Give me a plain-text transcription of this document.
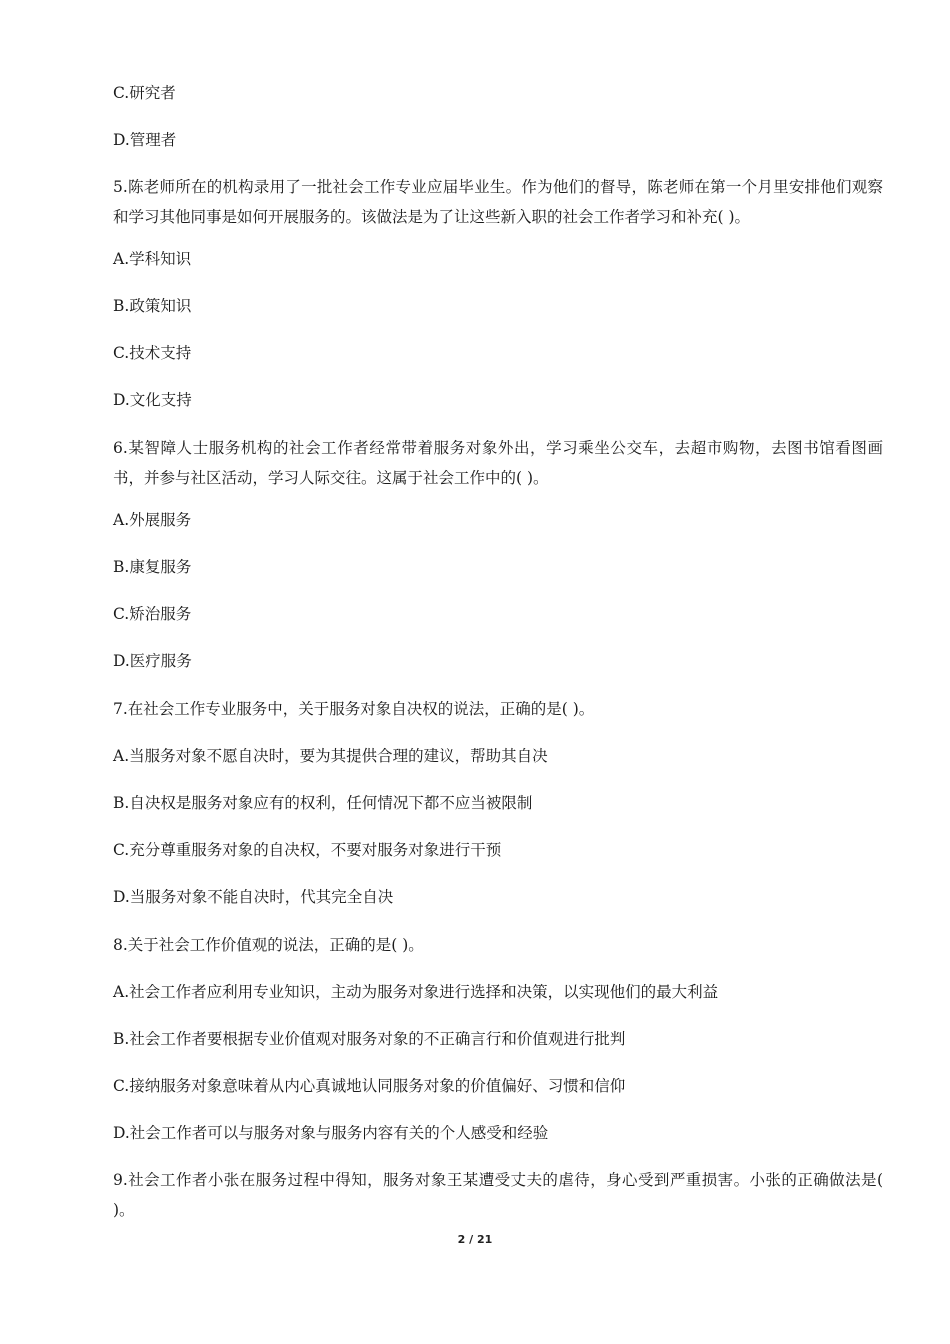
C.研究者
D.管理者
5.陈老师所在的机构录用了一批社会工作专业应届毕业生。作为他们的督导，陈老师在第一个月里安排他们观察和学习其他同事是如何开展服务的。该做法是为了让这些新入职的社会工作者学习和补充( )。
A.学科知识
B.政策知识
C.技术支持
D.文化支持
6.某智障人士服务机构的社会工作者经常带着服务对象外出，学习乘坐公交车，去超市购物，去图书馆看图画书，并参与社区活动，学习人际交往。这属于社会工作中的( )。
A.外展服务
B.康复服务
C.矫治服务
D.医疗服务
7.在社会工作专业服务中，关于服务对象自决权的说法，正确的是( )。
A.当服务对象不愿自决时，要为其提供合理的建议，帮助其自决
B.自决权是服务对象应有的权利，任何情况下都不应当被限制
C.充分尊重服务对象的自决权，不要对服务对象进行干预
D.当服务对象不能自决时，代其完全自决
8.关于社会工作价值观的说法，正确的是( )。
A.社会工作者应利用专业知识，主动为服务对象进行选择和决策，以实现他们的最大利益
B.社会工作者要根据专业价值观对服务对象的不正确言行和价值观进行批判
C.接纳服务对象意味着从内心真诚地认同服务对象的价值偏好、习惯和信仰
D.社会工作者可以与服务对象与服务内容有关的个人感受和经验
9.社会工作者小张在服务过程中得知，服务对象王某遭受丈夫的虐待，身心受到严重损害。小张的正确做法是( )。
2 / 21
